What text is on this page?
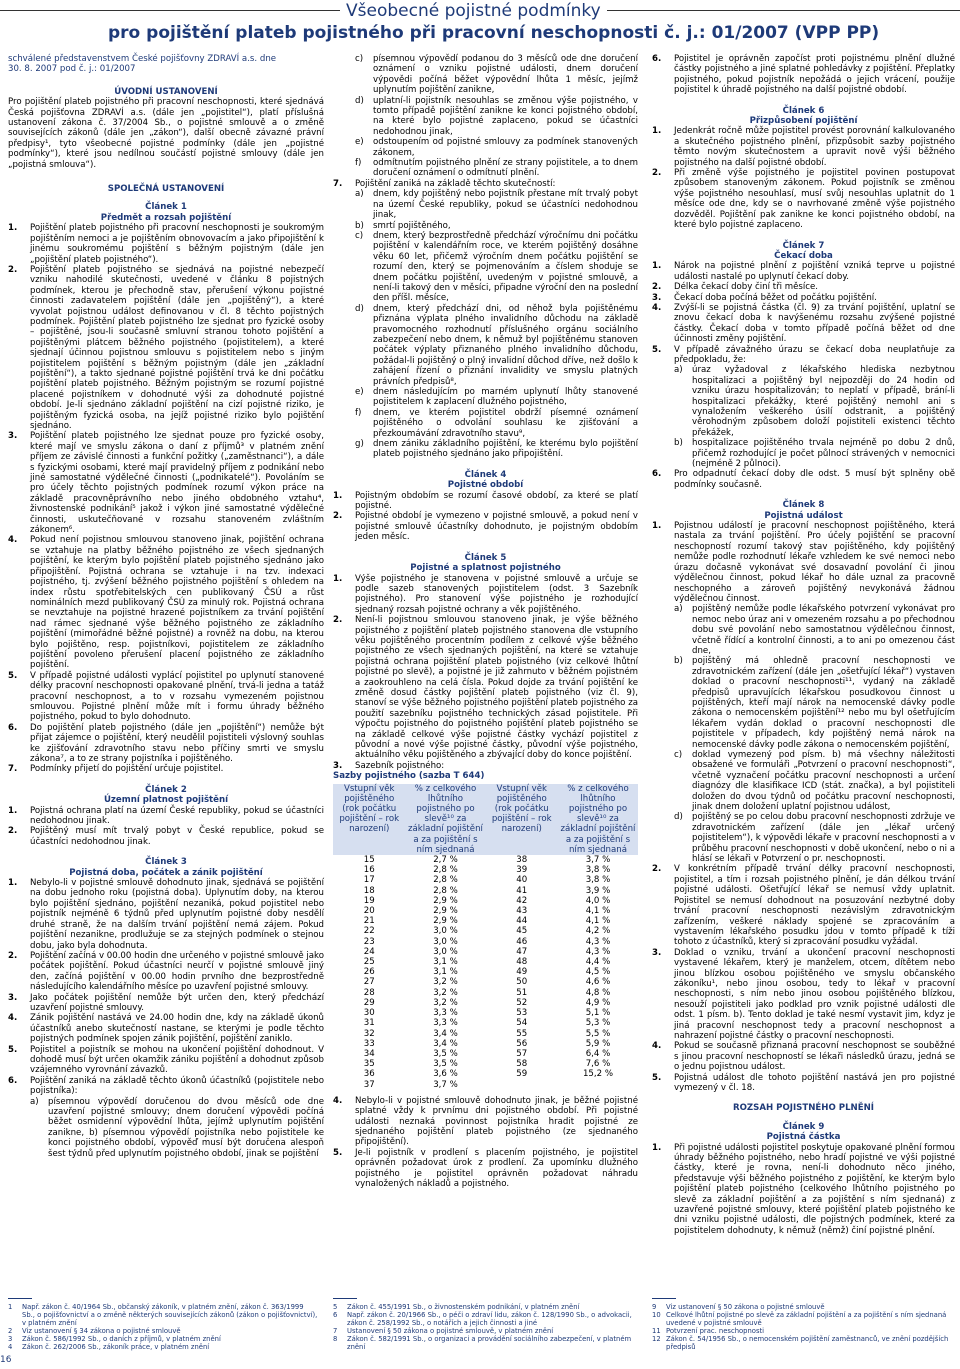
Všeobecné pojistné podmínky
pro pojištění plateb pojistného při pracovní neschopnosti č. j.: 01/2007 (VPP PP)

schválené představenstvem České pojišťovny ZDRAVÍ a.s. dne 30. 8. 2007 pod č. j.: 01/2007

ÚVODNÍ USTANOVENÍ

Pro pojištění plateb pojistného při pracovní neschopnosti, které sjednává Česká pojišťovna ZDRAVÍ a.s. (dále jen „pojistitel“), platí příslušná ustanovení zákona č. 37/2004 Sb., o pojistné smlouvě a o změně souvisejících zákonů (dále jen „zákon“), další obecně závazné právní předpisy¹, tyto všeobecné pojistné podmínky (dále jen „pojistné podmínky“), které jsou nedílnou součástí pojistné smlouvy (dále jen „pojistná smlouva“).

SPOLEČNÁ USTANOVENÍ
Článek 1
Předmět a rozsah pojištění
1. Pojištění plateb pojistného při pracovní neschopnosti je soukromým pojištěním nemoci a je pojištěním obnovovacím a jako připojištění k jinému soukromému pojištění s běžným pojistným (dále jen „pojištění plateb pojistného“).
2. Pojištění plateb pojistného se sjednává na pojistné nebezpečí vzniku nahodilé skutečnosti, uvedené v článku 8 pojistných podmínek, kterou je přechodně stav, přerušení výkonu pojistné činnosti zadavatelem pojištění (dále jen „pojištěný“), a které vyvolat pojistnou událost definovanou v čl. 8 těchto pojistných podmínek. Pojištění plateb pojistného lze sjednat pro fyzické osoby – pojištěné, jsou-li současně smluvní stranou tohoto pojištění a pojištěnými plátcem běžného pojistného (pojistitelem), a které sjednají účinnou pojistnou smlouvu s pojistitelem nebo s jiným pojistitelem pojištění s běžným pojistným (dále jen „základní pojištění“), a takto sjednané pojistné pojištění trvá ke dni počátku pojištění plateb pojistného. Běžným pojistným se rozumí pojistné placené pojistníkem v dohodnuté výši za dohodnuté pojistné období. Je-li sjednáno základní pojištění na cizí pojistné riziko, je pojištěným fyzická osoba, na jejíž pojistné riziko bylo pojištění sjednáno.
3. Pojištění plateb pojistného lze sjednat pouze pro fyzické osoby, které mají ve smyslu zákona o daní z příjmů³ v platném znění příjem ze závislé činnosti a funkční požitky („zaměstnanci“), a dále s fyzickými osobami, které mají pravidelný příjem z podnikání nebo jiné samostatné výdělečné činnosti („podnikatelé“). Povoláním se pro účely těchto pojistných podmínek rozumí výkon práce na základě pracovněprávního nebo jiného obdobného vztahu⁴, živnostenské podnikání⁵ jakož i výkon jiné samostatné výdělečné činnosti, uskutečňované v rozsahu stanoveném zvláštním zákonem⁶.
4. Pokud není pojistnou smlouvou stanoveno jinak, pojištění ochrana se vztahuje na platby běžného pojistného ze všech sjednaných pojištění, ke kterým bylo pojištění plateb pojistného sjednáno jako připojištění. Pojistná ochrana se vztahuje i na tzv. indexaci pojistného, tj. zvýšení běžného pojistného pojištění s ohledem na index růstu spotřebitelských cen publikovaný ČSÚ a růst nominálních mezd publikovaný ČSÚ za minulý rok. Pojistná ochrana se nevztahuje na pojistné hrazené pojistníkem za trvání pojištění nad rámec sjednané výše běžného pojistného ze základního pojištění (mimořádné běžné pojistné) a rovněž na dobu, na kterou bylo pojištěno, resp. pojistníkovi, pojistitelem ze základního pojištění povoleno přerušení placení pojistného ze základního pojištění.
5. V případě pojistné události vyplácí pojistitel po uplynutí stanovené délky pracovní neschopnosti opakované plnění, trvá-li jedna a tatáž pracovní neschopnost, a to v rozsahu vymezeném pojistnou smlouvou. Pojistné plnění může mít i formu úhrady běžného pojistného, pokud to bylo dohodnuto.
6. Do pojištění plateb pojistného (dále jen „pojištění“) nemůže být přijat zájemce o pojištění, který neudělil pojistiteli výslovný souhlas ke zjišťování zdravotního stavu nebo příčiny smrti ve smyslu zákona⁷, a to ze strany pojistníka i pojištěného.
7. Podmínky přijetí do pojištění určuje pojistitel.
Článek 2
Územní platnost pojištění
1. Pojistná ochrana platí na území České republiky, pokud se účastníci nedohodnou jinak.
2. Pojištěný musí mít trvalý pobyt v České republice, pokud se účastníci nedohodnou jinak.
Článek 3
Pojistná doba, počátek a zánik pojištění
1. Nebylo-li v pojistné smlouvě dohodnuto jinak, sjednává se pojištění na dobu jednoho roku (pojistná doba). Uplynutím doby, na kterou bylo pojištění sjednáno, pojištění nezaniká, pokud pojistitel nebo pojistník nejméně 6 týdnů před uplynutím pojistné doby nesdělí druhé straně, že na dalším trvání pojištění nemá zájem. Pokud pojištění nezanikne, prodlužuje se za stejných podmínek o stejnou dobu, jako byla dohodnuta.
2. Pojištění začíná v 00.00 hodin dne určeného v pojistné smlouvě jako počátek pojištění. Pokud účastníci neurčí v pojistné smlouvě jiný den, začíná pojištění v 00.00 hodin prvního dne bezprostředně následujícího kalendářního měsíce po uzavření pojistné smlouvy.
3. Jako počátek pojištění nemůže být určen den, který předchází uzavření pojistné smlouvy.
4. Zánik pojištění nastává ve 24.00 hodin dne, kdy na základě úkonů účastníků anebo skutečností nastane, se kterými je podle těchto pojistných podmínek spojen zánik pojištění, pojištění zaniklo.
5. Pojistitel a pojistník se mohou na ukončení pojištění dohodnout. V dohodě musí být určen okamžik zániku pojištění a dohodnut způsob vzájemného vyrovnání závazků.
6. Pojištění zaniká na základě těchto úkonů účastníků (pojistitele nebo pojistníka):
a) písemnou výpovědí doručenou do dvou měsíců ode dne uzavření pojistné smlouvy; dnem doručení výpovědi počíná běžet osmidenní výpovědní lhůta, jejímž uplynutím pojištění zanikne, b) písemnou výpovědí pojistníka nebo pojistitele ke konci pojistného období, výpověď musí být doručena alespoň šest týdnů před uplynutím pojistného období, jinak se pojištění
c) písemnou výpovědí podanou do 3 měsíců ode dne doručení oznámení o vzniku pojistné události, dnem doručení výpovědi počíná běžet výpovědní lhůta 1 měsíc, jejímž uplynutím pojištění zanikne,
d) uplatní-li pojistník nesouhlas se změnou výše pojistného, v tomto případě pojištění zanikne ke konci pojistného období, na které bylo pojistné zaplaceno, pokud se účastníci nedohodnou jinak,
e) odstoupením od pojistné smlouvy za podmínek stanovených zákonem,
f) odmítnutím pojistného plnění ze strany pojistitele, a to dnem doručení oznámení o odmítnutí plnění.
7. Pojištění zaniká na základě těchto skutečností:
a) dnem, kdy pojištěný nebo pojistník přestane mít trvalý pobyt na území České republiky, pokud se účastníci nedohodnou jinak,
b) smrtí pojištěného,
c) dnem, který bezprostředně předchází výročnímu dni počátku pojištění v kalendářním roce, ve kterém pojištěný dosáhne věku 60 let, přičemž výročním dnem počátku pojištění se rozumí den, který se pojmenováním a číslem shoduje se dnem počátku pojištění, uvedeným v pojistné smlouvě, a není-li takový den v měsíci, připadne výroční den na poslední den příšl. měsíce,
d) dnem, který předchází dni, od něhož byla pojištěnému přiznána výplata plného invalidního důchodu na základě pravomocného rozhodnutí příslušného orgánu sociálního zabezpečení nebo dnem, k němuž byl pojištěnému stanoven počátek výplaty přiznaného plného invalidního důchodu, požádal-li pojištěný o plný invalidní důchod dříve, než došlo k zahájení řízení o přiznání invalidity ve smyslu platných právních předpisů⁸,
e) dnem následujícím po marném uplynutí lhůty stanovené pojistitelem k zaplacení dlužného pojistného,
f) dnem, ve kterém pojistitel obdrží písemné oznámení pojištěného o odvolání souhlasu ke zjišťování a přezkoumávání zdravotního stavu⁹,
g) dnem zániku základního pojištění, ke kterému bylo pojištění plateb pojistného sjednáno jako připojištění.
Článek 4
Pojistné období
1. Pojistným obdobím se rozumí časové období, za které se platí pojistné.
2. Pojistné období je vymezeno v pojistné smlouvě, a pokud není v pojistné smlouvě účastníky dohodnuto, je pojistným obdobím jeden měsíc.
Článek 5
Pojistné a splatnost pojistného
1. Výše pojistného je stanovena v pojistné smlouvě a určuje se podle sazeb stanovených pojistitelem (odst. 3 Sazebník pojistného). Pro stanovení výše pojistného je rozhodující sjednaný rozsah pojistné ochrany a věk pojištěného.
2. Není-li pojistnou smlouvou stanoveno jinak, je výše běžného pojistného z pojištění plateb pojistného stanovena dle vstupního věku pojištěného procentním podílem z celkové výše běžného pojistného ze všech sjednaných pojištění, na které se vztahuje pojistná ochrana pojištění plateb pojistného (viz celkové lhůtní pojistné po slevě), a pojistné je již zahrnuto v běžném pojistném a zaokrouhleno na celá čísla. Pokud dojde za trvání pojištění ke změně dosud částky pojištění plateb pojistného (viz čl. 9), stanoví se výše běžného pojistného pojištění plateb pojistného za použití sazebníku pojistného technických zásad pojistitele. Při výpočtu pojistného do pojistného pojištění plateb pojistného se na základě celkové výše pojistné částky vychází pojistitel z původní a nové výše pojistné částky, původní výše pojistného, aktuálního věku pojištěného a zbývající doby do konce pojištění.
3. Sazebník pojistného:
Sazby pojistného (sazba T 644)
Vstupní věk pojištěného (rok počátku pojištění – rok narození)	% z celkového lhůtního pojistného po slevě¹⁰ za základní pojištění a za pojištění s ním sjednaná	Vstupní věk pojištěného (rok počátku pojištění – rok narození)	% z celkového lhůtního pojistného po slevě¹⁰ za základní pojištění a za pojištění s ním sjednaná
15	2,7 %	38	3,7 %
16	2,8 %	39	3,8 %
17	2,8 %	40	3,8 %
18	2,8 %	41	3,9 %
19	2,9 %	42	4,0 %
20	2,9 %	43	4,1 %
21	2,9 %	44	4,1 %
22	3,0 %	45	4,2 %
23	3,0 %	46	4,3 %
24	3,0 %	47	4,3 %
25	3,1 %	48	4,4 %
26	3,1 %	49	4,5 %
27	3,2 %	50	4,6 %
28	3,2 %	51	4,8 %
29	3,2 %	52	4,9 %
30	3,3 %	53	5,1 %
31	3,3 %	54	5,3 %
32	3,4 %	55	5,5 %
33	3,4 %	56	5,9 %
34	3,5 %	57	6,4 %
35	3,5 %	58	7,6 %
36	3,6 %	59	15,2 %
37	3,7 %		
4. Nebylo-li v pojistné smlouvě dohodnuto jinak, je běžné pojistné splatné vždy k prvnímu dni pojistného období. Při pojistné události neznaká povinnost pojistníka hradit pojistné ze sjednaného pojištění plateb pojistného (ze sjednaného připojištění).
5. Je-li pojistník v prodlení s placením pojistného, je pojistitel oprávněn požadovat úrok z prodlení. Za upomínku dlužného pojistného je pojistitel oprávněn požadovat náhradu vynaložených nákladů a pojistného.
6. Pojistitel je oprávněn započíst proti pojistnému plnění dlužné částky pojistného a jiné splatné pohledávky z pojištění. Přeplatky pojistného, pokud pojistník nepožádá o jejich vrácení, použije pojistitel k úhradě pojistného na další pojistné období.
Článek 6
Přizpůsobení pojištění
1. Jedenkrát ročně může pojistitel provést porovnání kalkulovaného a skutečného pojistného plnění, přizpůsobit sazby pojistného těmto novým skutečnostem a upravit nově výši běžného pojistného na další pojistné období.
2. Při změně výše pojistného je pojistitel povinen postupovat způsobem stanoveným zákonem. Pokud pojistník se změnou výše pojistného nesouhlasí, musí svůj nesouhlas uplatnit do 1 měsíce ode dne, kdy se o navrhované změně výše pojistného dozvěděl. Pojištění pak zanikne ke konci pojistného období, na které bylo pojistné zaplaceno.
Článek 7
Čekací doba
1. Nárok na pojistné plnění z pojištění vzniká teprve u pojistné události nastalé po uplynutí čekací doby.
2. Délka čekací doby činí tři měsíce.
3. Čekací doba počíná běžet od počátku pojištění.
4. Zvýší-li se pojistná částka (čl. 9) za trvání pojištění, uplatní se znovu čekací doba k navýšenému rozsahu zvýšené pojistné částky. Čekací doba v tomto případě počíná běžet od dne účinnosti změny pojištění.
5. V případě závažného úrazu se čekací doba neuplatňuje za předpokladu, že:
a) úraz vyžadoval z lékařského hlediska nezbytnou hospitalizaci a pojištěný byl nejpozději do 24 hodin od vzniku úrazu hospitalizován; to neplatí v případě, brání-li hospitalizaci překážky, které pojištěný nemohl ani s vynaložením veškerého úsilí odstranit, a pojištěný věrohodným způsobem doloží pojistiteli existenci těchto překážek,
b) hospitalizace pojištěného trvala nejméně po dobu 2 dnů, přičemž rozhodující je počet půlnocí strávených v nemocnici (nejméně 2 půlnoci).
6. Pro odpadnutí čekací doby dle odst. 5 musí být splněny obě podmínky současně.
Článek 8
Pojistná událost
1. Pojistnou událostí je pracovní neschopnost pojištěného, která nastala za trvání pojištění. Pro účely pojištění se pracovní neschopností rozumí takový stav pojištěného, kdy pojištěný nemůže podle rozhodnutí lékaře vzhledem ke své nemoci nebo úrazu dočasně vykonávat své dosavadní povolání či jinou výdělečnou činnost, pokud lékař ho dále uznal za pracovně neschopného a zároveň pojištěný nevykonává žádnou výdělečnou činnost.
a) pojištěný nemůže podle lékařského potvrzení vykonávat pro nemoc nebo úraz ani v omezeném rozsahu a po přechodnou dobu své povolání nebo samostatnou výdělečnou činnost, včetně řídící a kontrolní činnosti, a to ani po omezenou část dne,
b) pojištěný má ohledně pracovní neschopnosti ve zdravotnickém zařízení (dále jen „ošetřující lékař“) vystaven doklad o pracovní neschopnosti¹¹, vydaný na základě předpisů upravujících lékařskou posudkovou činnost u pojištěných, kteří mají nárok na nemocenské dávky podle zákona o nemocenském pojištění¹² nebo mu byl ošetřujícím lékařem vydán doklad o pracovní neschopnosti dle pojistitele v případech, kdy pojištěný nemá nárok na nemocenské dávky podle zákona o nemocenském pojištění,
c) doklad vymezený pod písm. b) má všechny náležitosti obsažené ve formuláři „Potvrzení o pracovní neschopnosti“, včetně vyznačení počátku pracovní neschopnosti a určení diagnózy dle klasifikace ICD (stát. značka), a byl pojistiteli doložen do dvou týdnů od počátku pracovní neschopnosti, jinak dnem doložení uplatní pojistnou událost,
d) pojištěný se po celou dobu pracovní neschopnosti zdržuje ve zdravotnickém zařízení (dále jen „lékař určený pojistitelem“), k výpovědi lékaře v pracovní neschopnosti a v průběhu pracovní neschopnosti v době ukončení, nebo o ni a hlásí se lékaři v Potvrzení o pr. neschopnosti.
2. V konkrétním případě trvání délky pracovní neschopnosti, pojistitel, a tím i rozsah pojistného plnění, je dán délkou trvání pojistné události. Ošetřující lékař se nemusí vždy uplatnit. Pojistitel se nemusí dohodnout na posuzování nezbytné doby trvání pracovní neschopnosti nezávislým zdravotnickým zařízením, veškeré náklady spojené se zpracováním a vystavením lékařského posudku jdou v tomto případě k tíži tohoto z účastníků, který si zpracování posudku vyžádal.
3. Doklad o vzniku, trvání a ukončení pracovní neschopnosti vystavené lékařem, který je manželem, otcem, dítětem nebo jinou blízkou osobou pojištěného ve smyslu občanského zákoníku¹, nebo jinou osobou, tedy to lékař v pracovní neschopnosti, s ním nebo jinou osobou pojištěného blízkou, nesouží pojistiteli jako podklad pro vznik pojistné události dle odst. 1 písm. b). Tento doklad je také nesmí vystavit jim, kdyz je jiná pracovní neschopnost tedy a pracovní neschopnost a nahrazení pojistné částky o pracovní neschopnosti.
4. Pokud se současně přiznaná pracovní neschopnost se souběžné s jinou pracovní neschopností se lékaři následků úrazu, jedná se o jednu pojistnou událost.
5. Pojistná událost dle tohoto pojištění nastává jen pro pojistné vymezený v čl. 18.
ROZSAH POJISTNÉHO PLNĚNÍ
Článek 9
Pojistná částka
1. Při pojistné události pojistitel poskytuje opakované plnění formou úhrady běžného pojistného, nebo hradí pojistné ve výši pojistné částky, které je rovna, není-li dohodnuto něco jiného, představuje výši běžného pojistného z pojištění, ke kterým bylo pojištění plateb pojistného (celkového lhůtního pojistného po slevě za základní pojištění a za pojištění s ním sjednaná) z uzavřené pojistné smlouvy, které pojištění plateb pojistného ke dni vzniku pojistné události, dle pojistných podmínek, které za pojistitelem dohodnuty, k němuž (němž) činí pojistné plnění.
1	Např. zákon č. 40/1964 Sb., občanský zákoník, v platném znění, zákon č. 363/1999 Sb., o pojišťovnictví a o změně některých souvisejících zákonů (zákon o pojišťovnictví), v platném znění
2	Viz ustanovení § 34 zákona o pojistné smlouvě
3	Zákon č. 586/1992 Sb., o daních z příjmů, v platném znění
4	Zákon č. 262/2006 Sb., zákoník práce, v platném znění
5	Zákon č. 455/1991 Sb., o živnostenském podnikání, v platném znění
6	Např. zákon č. 20/1966 Sb., o péči o zdraví lidu, zákon č. 128/1990 Sb., o advokacii, zákon č. 258/1992 Sb., o notářích a jejich činnosti a jiné
7	Ustanovení § 50 zákona o pojistné smlouvě, v platném znění
8	Zákon č. 582/1991 Sb., o organizaci a provádění sociálního zabezpečení, v platném znění
9	Viz ustanovení § 50 zákona o pojistné smlouvě
10 Celkové lhůtní pojistné po slevě za základní pojištění a za pojištění s ním sjednaná uvedené v pojistné smlouvě
11 Potvrzení prac. neschopnosti
12 Zákon č. 54/1956 Sb., o nemocenském pojištění zaměstnanců, ve znění pozdějších předpisů
16
